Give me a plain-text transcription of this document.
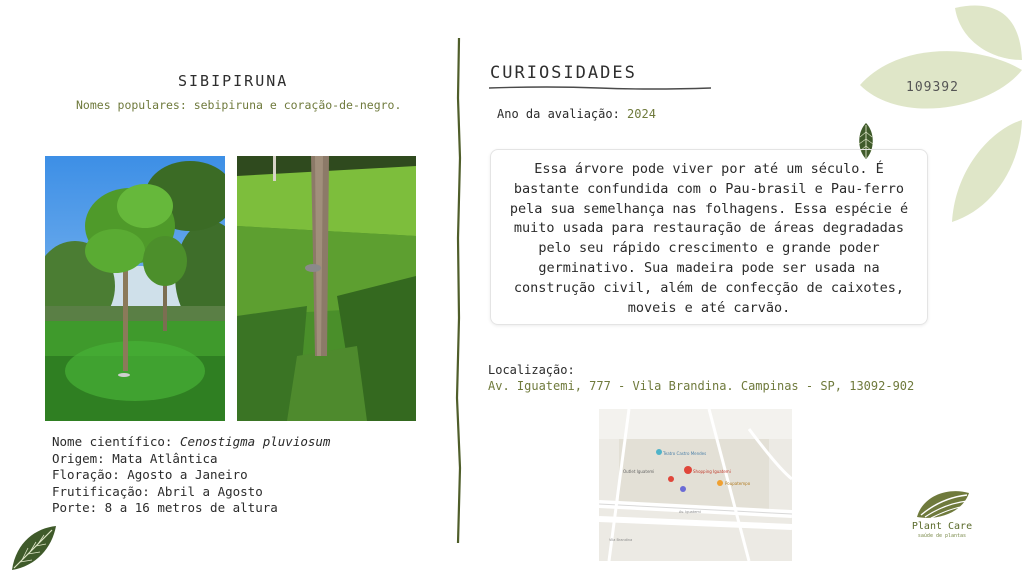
SIBIPIRUNA
Nomes populares: sebipiruna e coração-de-negro.
Nome científico: Cenostigma pluviosum
Origem: Mata Atlântica
Floração: Agosto a Janeiro
Frutificação: Abril a Agosto
Porte: 8 a 16 metros de altura
CURIOSIDADES
Ano da avaliação: 2024
Essa árvore pode viver por até um século. É bastante confundida com o Pau-brasil e Pau-ferro pela sua semelhança nas folhagens. Essa espécie é muito usada para restauração de áreas degradadas pelo seu rápido crescimento e grande poder germinativo. Sua madeira pode ser usada na construção civil, além de confecção de caixotes, moveis e até carvão.
Localização:
Av. Iguatemi, 777 - Vila Brandina. Campinas - SP, 13092-902
Teatro Castro Mendes
Shopping Iguatemi
Outlet Iguatemi
Poupatempo
Av. Iguatemi
Vila Brandina
109392
Plant Care
saúde de plantas
